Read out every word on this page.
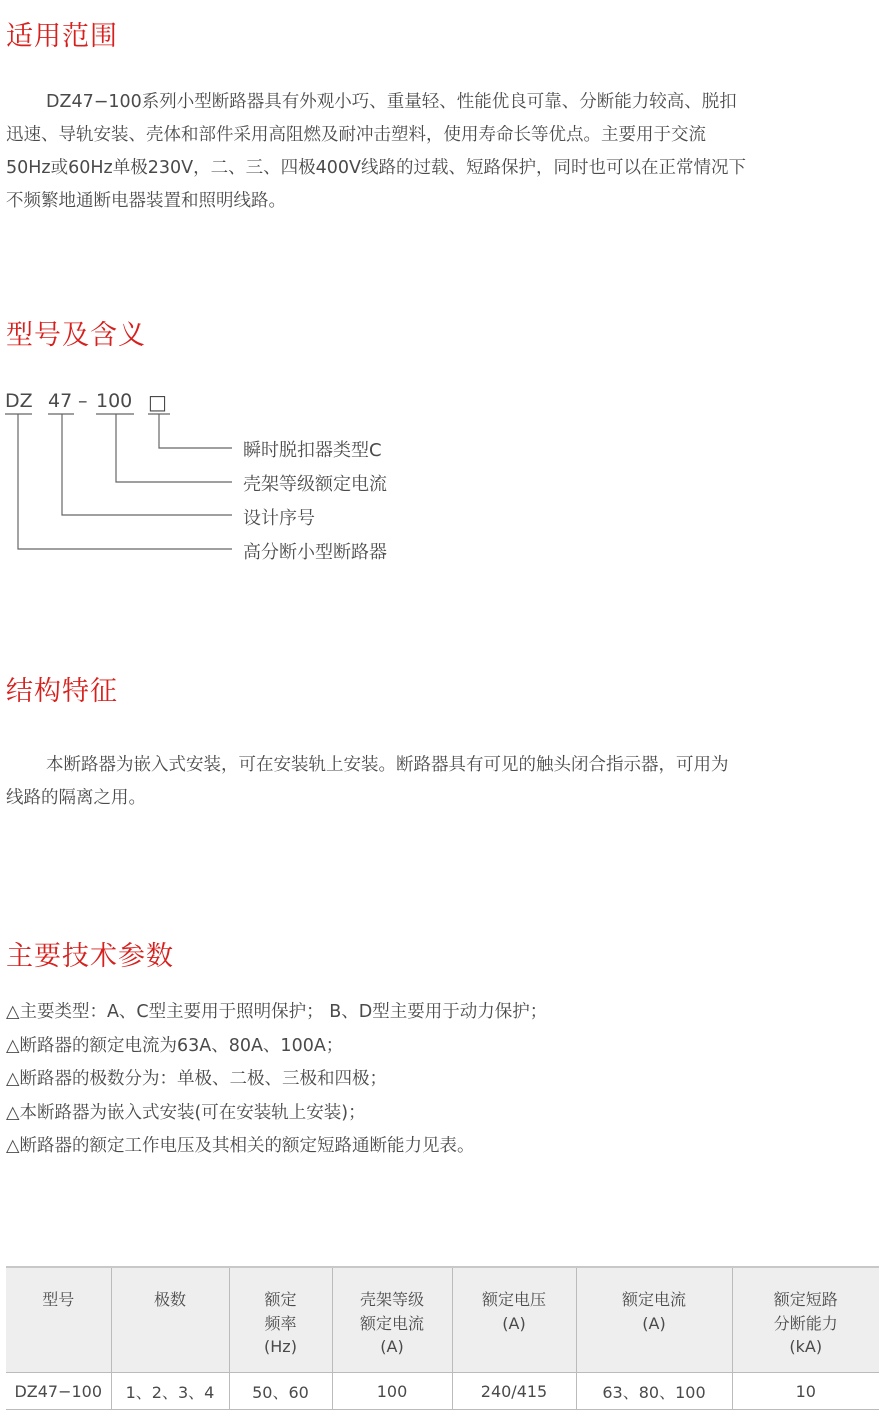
适用范围

DZ47−100系列小型断路器具有外观小巧、重量轻、性能优良可靠、分断能力较高、脱扣
迅速、导轨安装、壳体和部件采用高阻燃及耐冲击塑料，使用寿命长等优点。主要用于交流
50Hz或60Hz单极230V，二、三、四极400V线路的过载、短路保护，同时也可以在正常情况下
不频繁地通断电器装置和照明线路。

型号及含义
DZ 47 – 100 □
瞬时脱扣器类型C
壳架等级额定电流
设计序号
高分断小型断路器
结构特征

本断路器为嵌入式安装，可在安装轨上安装。断路器具有可见的触头闭合指示器，可用为
线路的隔离之用。

主要技术参数
△主要类型：A、C型主要用于照明保护； B、D型主要用于动力保护；
△断路器的额定电流为63A、80A、100A；
△断路器的极数分为：单极、二极、三极和四极；
△本断路器为嵌入式安装(可在安装轨上安装)；
△断路器的额定工作电压及其相关的额定短路通断能力见表。
型号	极数	额定
频率
(Hz)	壳架等级
额定电流
(A)	额定电压
(A)	额定电流
(A)	额定短路
分断能力
(kA)
DZ47−100	1、2、3、4	50、60	100	240/415	63、80、100	10
